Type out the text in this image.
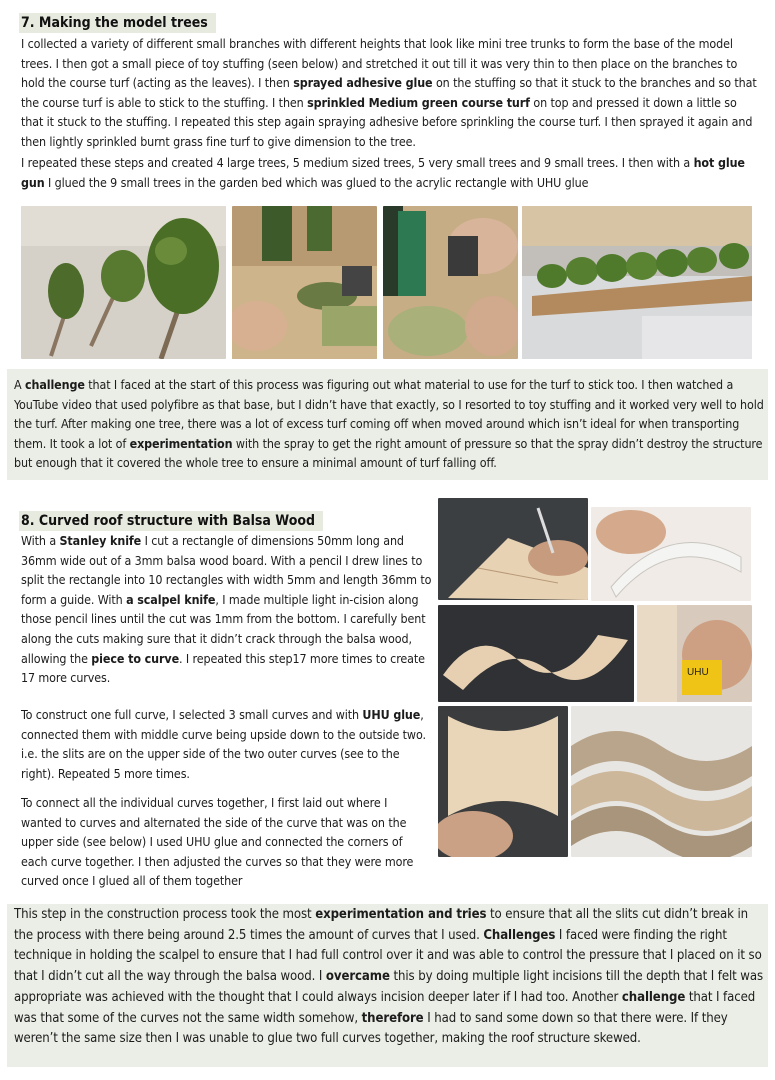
7. Making the model trees

I collected a variety of different small branches with different heights that look like mini tree trunks to form the base of the model trees. I then got a small piece of toy stuffing (seen below) and stretched it out till it was very thin to then place on the branches to hold the course turf (acting as the leaves). I then sprayed adhesive glue on the stuffing so that it stuck to the branches and so that the course turf is able to stick to the stuffing. I then sprinkled Medium green course turf on top and pressed it down a little so that it stuck to the stuffing. I repeated this step again spraying adhesive before sprinkling the course turf. I then sprayed it again and then lightly sprinkled burnt grass fine turf to give dimension to the tree.

I repeated these steps and created 4 large trees, 5 medium sized trees, 5 very small trees and 9 small trees. I then with a hot glue gun I glued the 9 small trees in the garden bed which was glued to the acrylic rectangle with UHU glue

A challenge that I faced at the start of this process was figuring out what material to use for the turf to stick too. I then watched a YouTube video that used polyfibre as that base, but I didn’t have that exactly, so I resorted to toy stuffing and it worked very well to hold the turf. After making one tree, there was a lot of excess turf coming off when moved around which isn’t ideal for when transporting them. It took a lot of experimentation with the spray to get the right amount of pressure so that the spray didn’t destroy the structure but enough that it covered the whole tree to ensure a minimal amount of turf falling off.

8. Curved roof structure with Balsa Wood

With a Stanley knife I cut a rectangle of dimensions 50mm long and 36mm wide out of a 3mm balsa wood board. With a pencil I drew lines to split the rectangle into 10 rectangles with width 5mm and length 36mm to form a guide. With a scalpel knife, I made multiple light in-cision along those pencil lines until the cut was 1mm from the bottom. I carefully bent along the cuts making sure that it didn’t crack through the balsa wood, allowing the piece to curve. I repeated this step17 more times to create 17 more curves.

To construct one full curve, I selected 3 small curves and with UHU glue, connected them with middle curve being upside down to the outside two. i.e. the slits are on the upper side of the two outer curves (see to the right). Repeated 5 more times.

To connect all the individual curves together, I first laid out where I wanted to curves and alternated the side of the curve that was on the upper side (see below) I used UHU glue and connected the corners of each curve together. I then adjusted the curves so that they were more curved once I glued all of them together

UHU

This step in the construction process took the most experimentation and tries to ensure that all the slits cut didn’t break in the process with there being around 2.5 times the amount of curves that I used. Challenges I faced were finding the right technique in holding the scalpel to ensure that I had full control over it and was able to control the pressure that I placed on it so that I didn’t cut all the way through the balsa wood. I overcame this by doing multiple light incisions till the depth that I felt was appropriate was achieved with the thought that I could always incision deeper later if I had too. Another challenge that I faced was that some of the curves not the same width somehow, therefore I had to sand some down so that there were. If they weren’t the same size then I was unable to glue two full curves together, making the roof structure skewed.
